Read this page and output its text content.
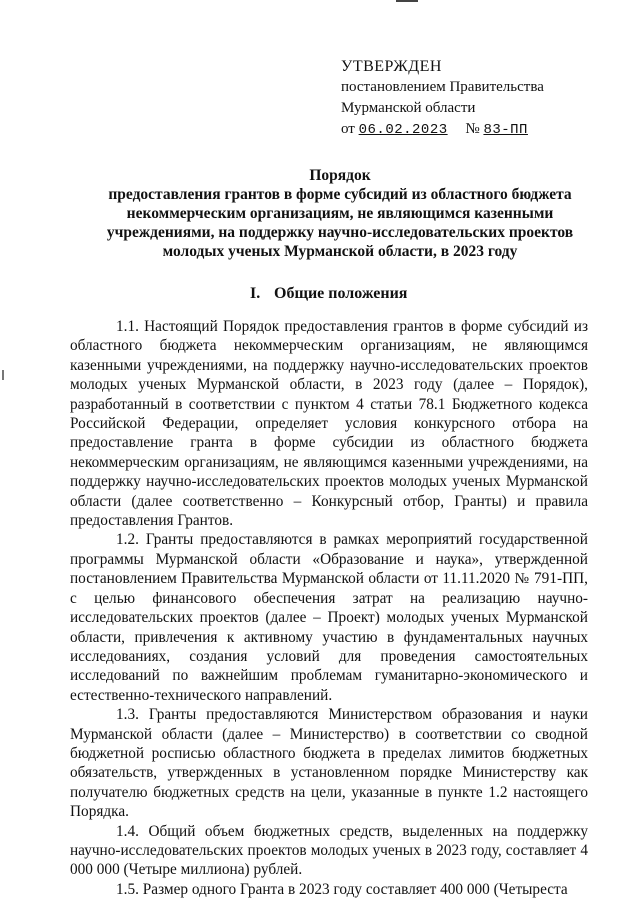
УТВЕРЖДЕН
постановлением Правительства
Мурманской области
от 06.02.2023 № 83-ПП
Порядок
предоставления грантов в форме субсидий из областного бюджета
некоммерческим организациям, не являющимся казенными
учреждениями, на поддержку научно-исследовательских проектов
молодых ученых Мурманской области, в 2023 году
I. Общие положения

1.1. Настоящий Порядок предоставления грантов в форме субсидий из областного бюджета некоммерческим организациям, не являющимся казенными учреждениями, на поддержку научно-исследовательских проектов молодых ученых Мурманской области, в 2023 году (далее – Порядок), разработанный в соответствии с пунктом 4 статьи 78.1 Бюджетного кодекса Российской Федерации, определяет условия конкурсного отбора на предоставление гранта в форме субсидии из областного бюджета некоммерческим организациям, не являющимся казенными учреждениями, на поддержку научно-исследовательских проектов молодых ученых Мурманской области (далее соответственно – Конкурсный отбор, Гранты) и правила предоставления Грантов.

1.2. Гранты предоставляются в рамках мероприятий государственной программы Мурманской области «Образование и наука», утвержденной постановлением Правительства Мурманской области от 11.11.2020 № 791-ПП, с целью финансового обеспечения затрат на реализацию научно-исследовательских проектов (далее – Проект) молодых ученых Мурманской области, привлечения к активному участию в фундаментальных научных исследованиях, создания условий для проведения самостоятельных исследований по важнейшим проблемам гуманитарно-экономического и естественно-технического направлений.

1.3. Гранты предоставляются Министерством образования и науки Мурманской области (далее – Министерство) в соответствии со сводной бюджетной росписью областного бюджета в пределах лимитов бюджетных обязательств, утвержденных в установленном порядке Министерству как получателю бюджетных средств на цели, указанные в пункте 1.2 настоящего Порядка.

1.4. Общий объем бюджетных средств, выделенных на поддержку научно-исследовательских проектов молодых ученых в 2023 году, составляет 4 000 000 (Четыре миллиона) рублей.

1.5. Размер одного Гранта в 2023 году составляет 400 000 (Четыреста
